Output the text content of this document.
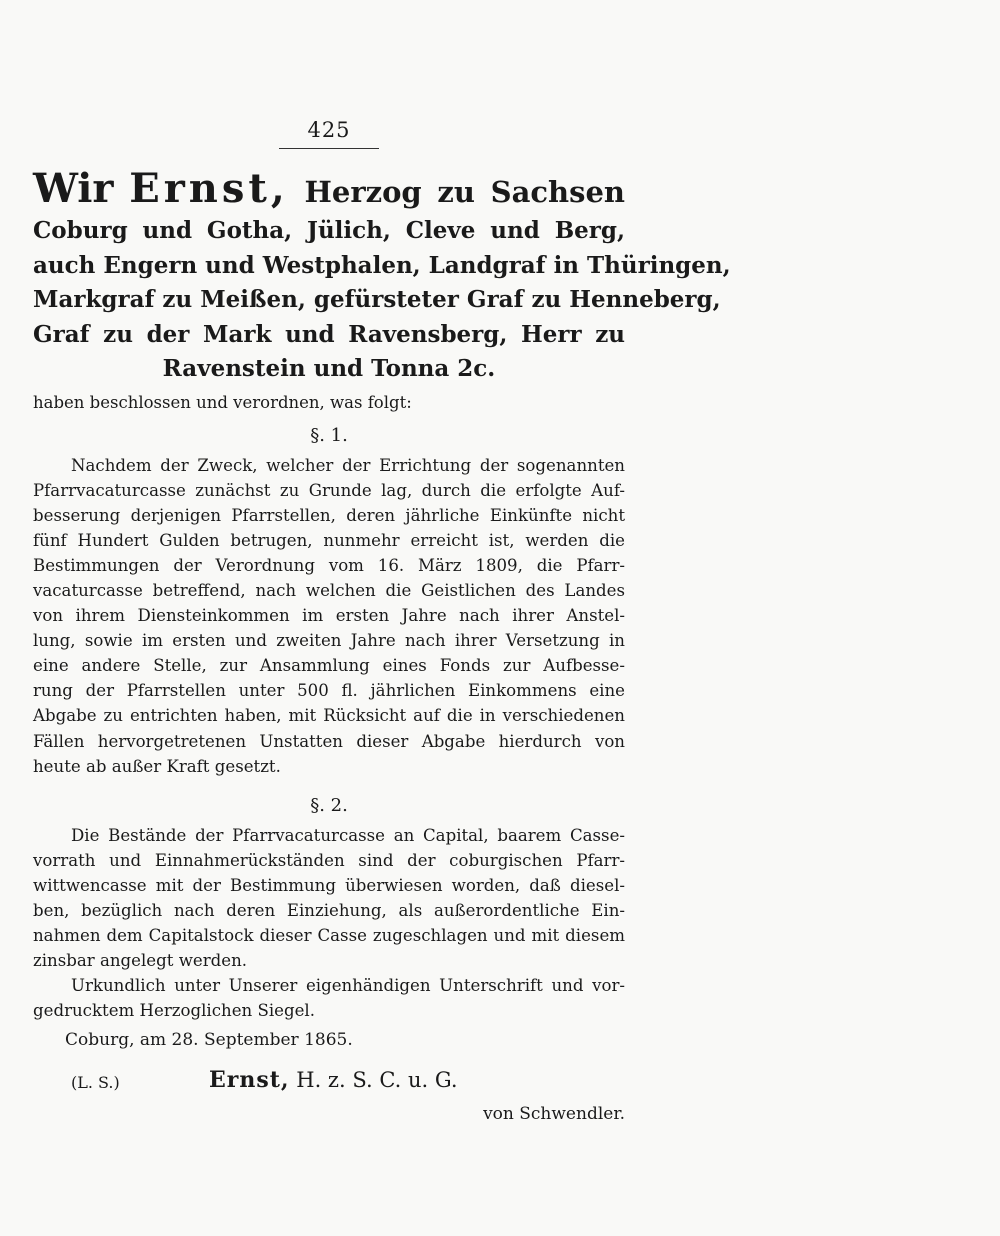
425
Wir Ernst, Herzog zu Sachsen
Coburg und Gotha, Jülich, Cleve und Berg,
auch Engern und Westphalen, Landgraf in Thüringen,
Markgraf zu Meißen, gefürsteter Graf zu Henneberg,
Graf zu der Mark und Ravensberg, Herr zu
Ravenstein und Tonna 2c.
haben beschlossen und verordnen, was folgt:
§. 1.
Nachdem der Zweck, welcher der Errichtung der sogenannten
Pfarrvacaturcasse zunächst zu Grunde lag, durch die erfolgte Auf-
besserung derjenigen Pfarrstellen, deren jährliche Einkünfte nicht
fünf Hundert Gulden betrugen, nunmehr erreicht ist, werden die
Bestimmungen der Verordnung vom 16. März 1809, die Pfarr-
vacaturcasse betreffend, nach welchen die Geistlichen des Landes
von ihrem Diensteinkommen im ersten Jahre nach ihrer Anstel-
lung, sowie im ersten und zweiten Jahre nach ihrer Versetzung in
eine andere Stelle, zur Ansammlung eines Fonds zur Aufbesse-
rung der Pfarrstellen unter 500 fl. jährlichen Einkommens eine
Abgabe zu entrichten haben, mit Rücksicht auf die in verschiedenen
Fällen hervorgetretenen Unstatten dieser Abgabe hierdurch von
heute ab außer Kraft gesetzt.
§. 2.
Die Bestände der Pfarrvacaturcasse an Capital, baarem Casse-
vorrath und Einnahmerückständen sind der coburgischen Pfarr-
wittwencasse mit der Bestimmung überwiesen worden, daß diesel-
ben, bezüglich nach deren Einziehung, als außerordentliche Ein-
nahmen dem Capitalstock dieser Casse zugeschlagen und mit diesem
zinsbar angelegt werden.
Urkundlich unter Unserer eigenhändigen Unterschrift und vor-
gedrucktem Herzoglichen Siegel.
Coburg, am 28. September 1865.
(L. S.)	Ernst, H. z. S. C. u. G.
von Schwendler.
